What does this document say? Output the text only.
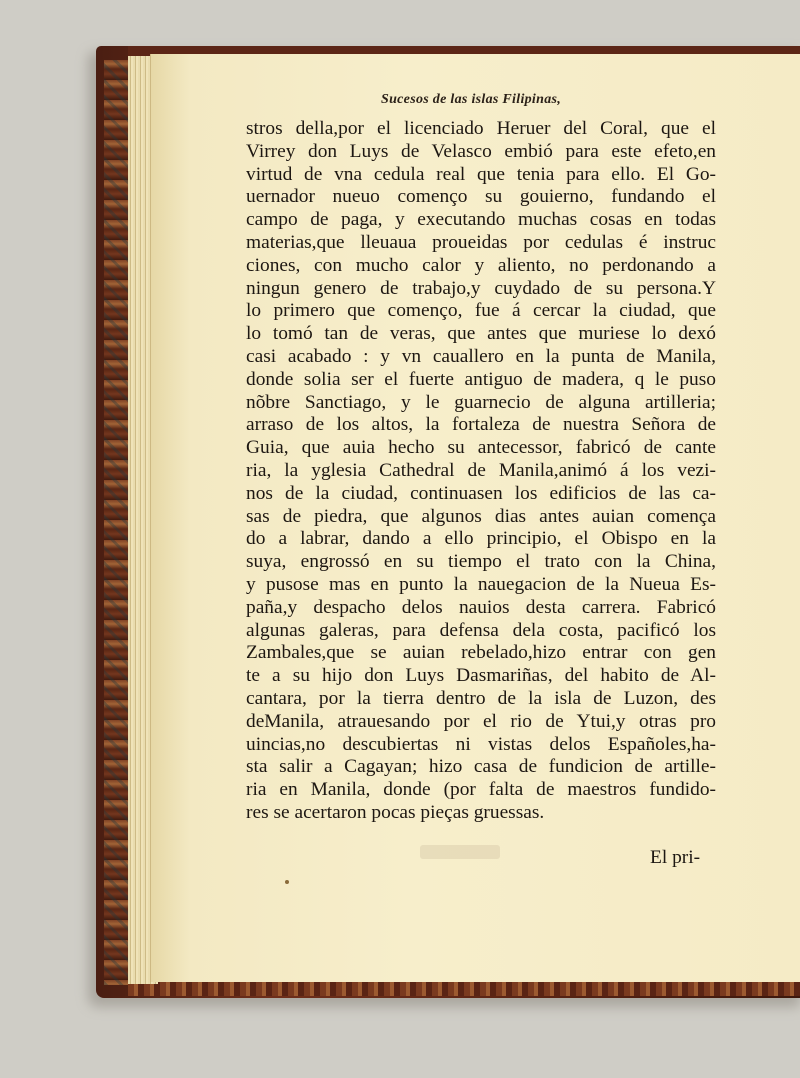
Sucesos de las islas Filipinas,
stros della,por el licenciado Heruer del Coral, que el
Virrey don Luys de Velasco embió para este efeto,en
virtud de vna cedula real que tenia para ello. El Go-
uernador nueuo començo su gouierno, fundando el
campo de paga, y executando muchas cosas en todas
materias,que lleuaua proueidas por cedulas é instruc
ciones, con mucho calor y aliento, no perdonando a
ningun genero de trabajo,y cuydado de su persona.Y
lo primero que començo, fue á cercar la ciudad, que
lo tomó tan de veras, que antes que muriese lo dexó
casi acabado : y vn cauallero en la punta de Manila,
donde solia ser el fuerte antiguo de madera, q le puso
nõbre Sanctiago, y le guarnecio de alguna artilleria;
arraso de los altos, la fortaleza de nuestra Señora de
Guia, que auia hecho su antecessor, fabricó de cante
ria, la yglesia Cathedral de Manila,animó á los vezi-
nos de la ciudad, continuasen los edificios de las ca-
sas de piedra, que algunos dias antes auian comença
do a labrar, dando a ello principio, el Obispo en la
suya, engrossó en su tiempo el trato con la China,
y pusose mas en punto la nauegacion de la Nueua Es-
paña,y despacho delos nauios desta carrera. Fabricó
algunas galeras, para defensa dela costa, pacificó los
Zambales,que se auian rebelado,hizo entrar con gen
te a su hijo don Luys Dasmariñas, del habito de Al-
cantara, por la tierra dentro de la isla de Luzon, des
deManila, atrauesando por el rio de Ytui,y otras pro
uincias,no descubiertas ni vistas delos Españoles,ha-
sta salir a Cagayan; hizo casa de fundicion de artille-
ria en Manila, donde (por falta de maestros fundido-
res se acertaron pocas pieças gruessas.
El pri-
